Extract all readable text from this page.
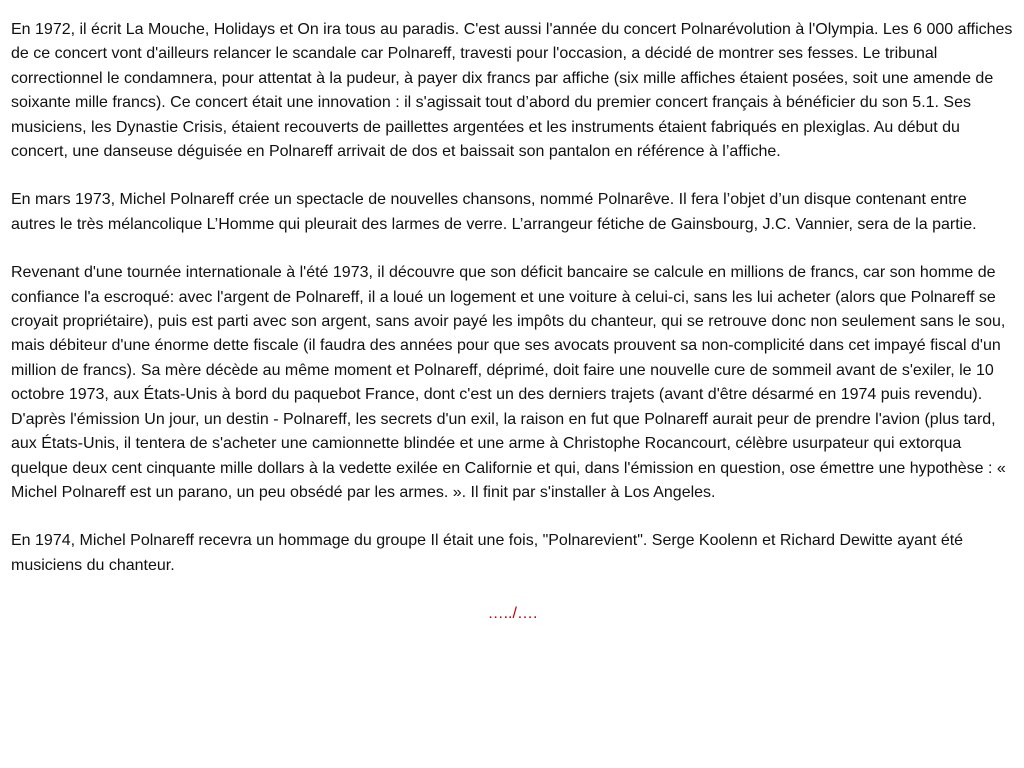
En 1972, il écrit La Mouche, Holidays et On ira tous au paradis. C'est aussi l'année du concert Polnarévolution à l'Olympia. Les 6 000 affiches de ce concert vont d'ailleurs relancer le scandale car Polnareff, travesti pour l'occasion, a décidé de montrer ses fesses. Le tribunal correctionnel le condamnera, pour attentat à la pudeur, à payer dix francs par affiche (six mille affiches étaient posées, soit une amende de soixante mille francs). Ce concert était une innovation : il s'agissait tout d’abord du premier concert français à bénéficier du son 5.1. Ses musiciens, les Dynastie Crisis, étaient recouverts de paillettes argentées et les instruments étaient fabriqués en plexiglas. Au début du concert, une danseuse déguisée en Polnareff arrivait de dos et baissait son pantalon en référence à l’affiche.

En mars 1973, Michel Polnareff crée un spectacle de nouvelles chansons, nommé Polnarêve. Il fera l’objet d’un disque contenant entre autres le très mélancolique L’Homme qui pleurait des larmes de verre. L’arrangeur fétiche de Gainsbourg, J.C. Vannier, sera de la partie.

Revenant d'une tournée internationale à l'été 1973, il découvre que son déficit bancaire se calcule en millions de francs, car son homme de confiance l'a escroqué: avec l'argent de Polnareff, il a loué un logement et une voiture à celui-ci, sans les lui acheter (alors que Polnareff se croyait propriétaire), puis est parti avec son argent, sans avoir payé les impôts du chanteur, qui se retrouve donc non seulement sans le sou, mais débiteur d'une énorme dette fiscale (il faudra des années pour que ses avocats prouvent sa non-complicité dans cet impayé fiscal d'un million de francs). Sa mère décède au même moment et Polnareff, déprimé, doit faire une nouvelle cure de sommeil avant de s'exiler, le 10 octobre 1973, aux États-Unis à bord du paquebot France, dont c'est un des derniers trajets (avant d'être désarmé en 1974 puis revendu). D'après l'émission Un jour, un destin - Polnareff, les secrets d'un exil, la raison en fut que Polnareff aurait peur de prendre l'avion (plus tard, aux États-Unis, il tentera de s'acheter une camionnette blindée et une arme à Christophe Rocancourt, célèbre usurpateur qui extorqua quelque deux cent cinquante mille dollars à la vedette exilée en Californie et qui, dans l'émission en question, ose émettre une hypothèse : « Michel Polnareff est un parano, un peu obsédé par les armes. ». Il finit par s'installer à Los Angeles.

En 1974, Michel Polnareff recevra un hommage du groupe Il était une fois, "Polnarevient". Serge Koolenn et Richard Dewitte ayant été musiciens du chanteur.

…../….
